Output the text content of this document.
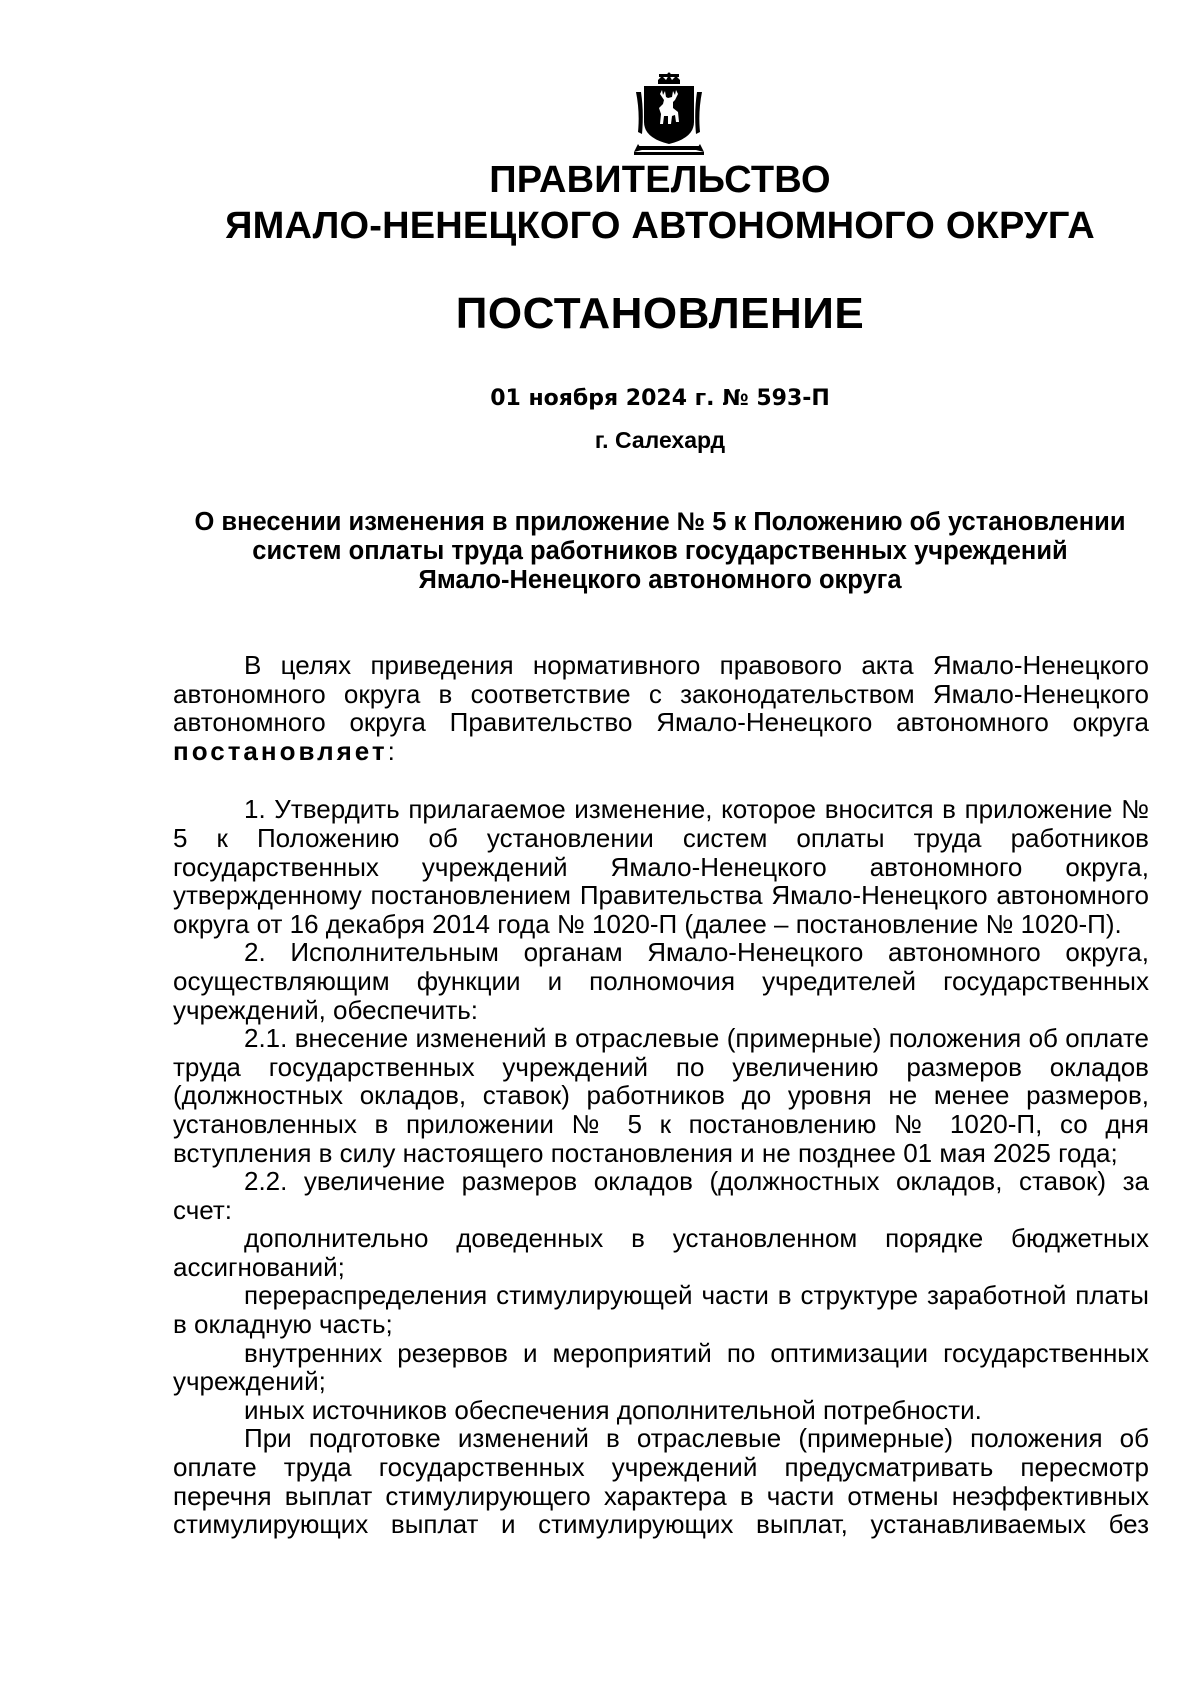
ПРАВИТЕЛЬСТВО
ЯМАЛО-НЕНЕЦКОГО АВТОНОМНОГО ОКРУГА
ПОСТАНОВЛЕНИЕ
01 ноября 2024 г. № 593-П
г. Салехард
О внесении изменения в приложение № 5 к Положению об установлении
систем оплаты труда работников государственных учреждений
Ямало-Ненецкого автономного округа

В целях приведения нормативного правового акта Ямало-Ненецкого автономного округа в соответствие с законодательством Ямало-Ненецкого автономного округа Правительство Ямало-Ненецкого автономного округа постановляет:

1. Утвердить прилагаемое изменение, которое вносится в приложение № 5 к Положению об установлении систем оплаты труда работников государственных учреждений Ямало-Ненецкого автономного округа, утвержденному постановлением Правительства Ямало-Ненецкого автономного округа от 16 декабря 2014 года № 1020-П (далее – постановление № 1020-П).

2. Исполнительным органам Ямало-Ненецкого автономного округа, осуществляющим функции и полномочия учредителей государственных учреждений, обеспечить:

2.1. внесение изменений в отраслевые (примерные) положения об оплате труда государственных учреждений по увеличению размеров окладов (должностных окладов, ставок) работников до уровня не менее размеров, установленных в приложении № 5 к постановлению № 1020-П, со дня вступления в силу настоящего постановления и не позднее 01 мая 2025 года;

2.2. увеличение размеров окладов (должностных окладов, ставок) за счет:

дополнительно доведенных в установленном порядке бюджетных ассигнований;

перераспределения стимулирующей части в структуре заработной платы в окладную часть;

внутренних резервов и мероприятий по оптимизации государственных учреждений;

иных источников обеспечения дополнительной потребности.

При подготовке изменений в отраслевые (примерные) положения об оплате труда государственных учреждений предусматривать пересмотр перечня выплат стимулирующего характера в части отмены неэффективных стимулирующих выплат и стимулирующих выплат, устанавливаемых без
